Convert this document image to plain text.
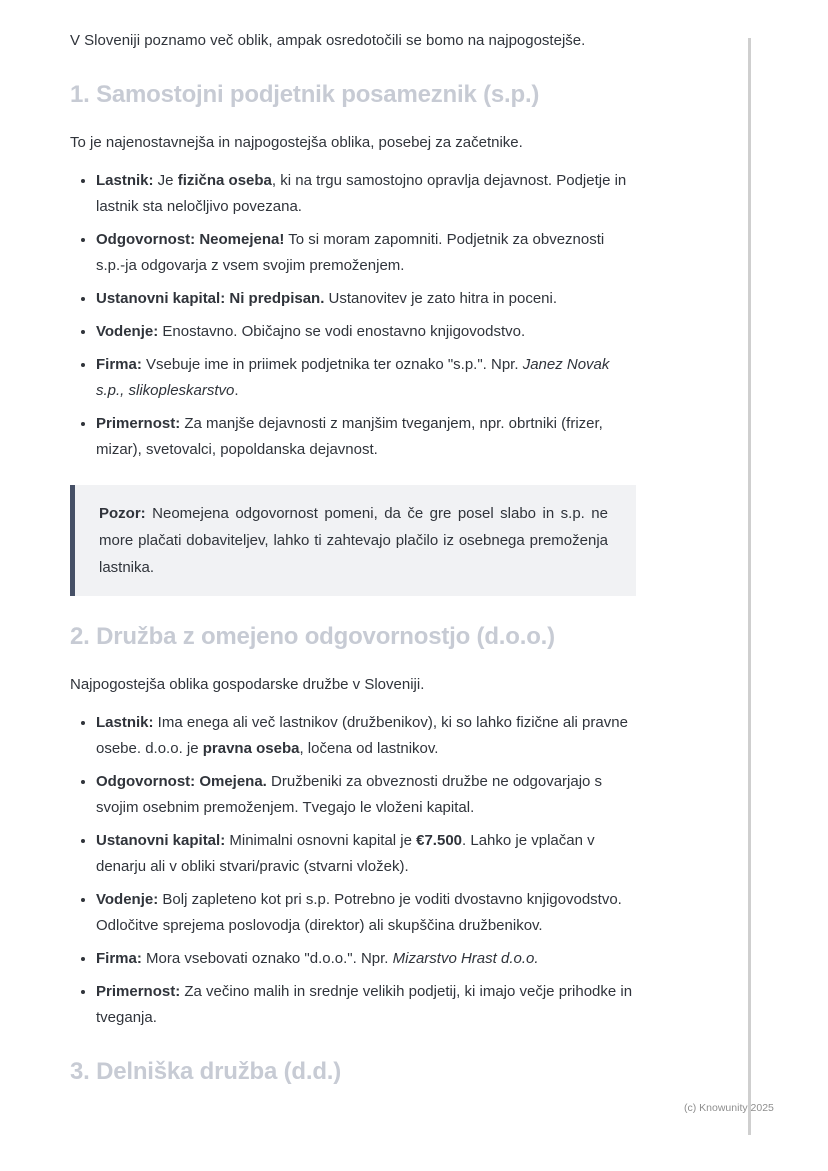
V Sloveniji poznamo več oblik, ampak osredotočili se bomo na najpogostejše.

1. Samostojni podjetnik posameznik (s.p.)

To je najenostavnejša in najpogostejša oblika, posebej za začetnike.

• Lastnik: Je fizična oseba, ki na trgu samostojno opravlja dejavnost. Podjetje in lastnik sta neločljivo povezana.
• Odgovornost: Neomejena! To si moram zapomniti. Podjetnik za obveznosti s.p.-ja odgovarja z vsem svojim premoženjem.
• Ustanovni kapital: Ni predpisan. Ustanovitev je zato hitra in poceni.
• Vodenje: Enostavno. Običajno se vodi enostavno knjigovodstvo.
• Firma: Vsebuje ime in priimek podjetnika ter oznako "s.p.". Npr. Janez Novak s.p., slikopleskarstvo.
• Primernost: Za manjše dejavnosti z manjšim tveganjem, npr. obrtniki (frizer, mizar), svetovalci, popoldanska dejavnost.

Pozor: Neomejena odgovornost pomeni, da če gre posel slabo in s.p. ne more plačati dobaviteljev, lahko ti zahtevajo plačilo iz osebnega premoženja lastnika.

2. Družba z omejeno odgovornostjo (d.o.o.)

Najpogostejša oblika gospodarske družbe v Sloveniji.

• Lastnik: Ima enega ali več lastnikov (družbenikov), ki so lahko fizične ali pravne osebe. d.o.o. je pravna oseba, ločena od lastnikov.
• Odgovornost: Omejena. Družbeniki za obveznosti družbe ne odgovarjajo s svojim osebnim premoženjem. Tvegajo le vloženi kapital.
• Ustanovni kapital: Minimalni osnovni kapital je €7.500. Lahko je vplačan v denarju ali v obliki stvari/pravic (stvarni vložek).
• Vodenje: Bolj zapleteno kot pri s.p. Potrebno je voditi dvostavno knjigovodstvo. Odločitve sprejema poslovodja (direktor) ali skupščina družbenikov.
• Firma: Mora vsebovati oznako "d.o.o.". Npr. Mizarstvo Hrast d.o.o.
• Primernost: Za večino malih in srednje velikih podjetij, ki imajo večje prihodke in tveganja.
3. Delniška družba (d.d.)
(c) Knowunity 2025
